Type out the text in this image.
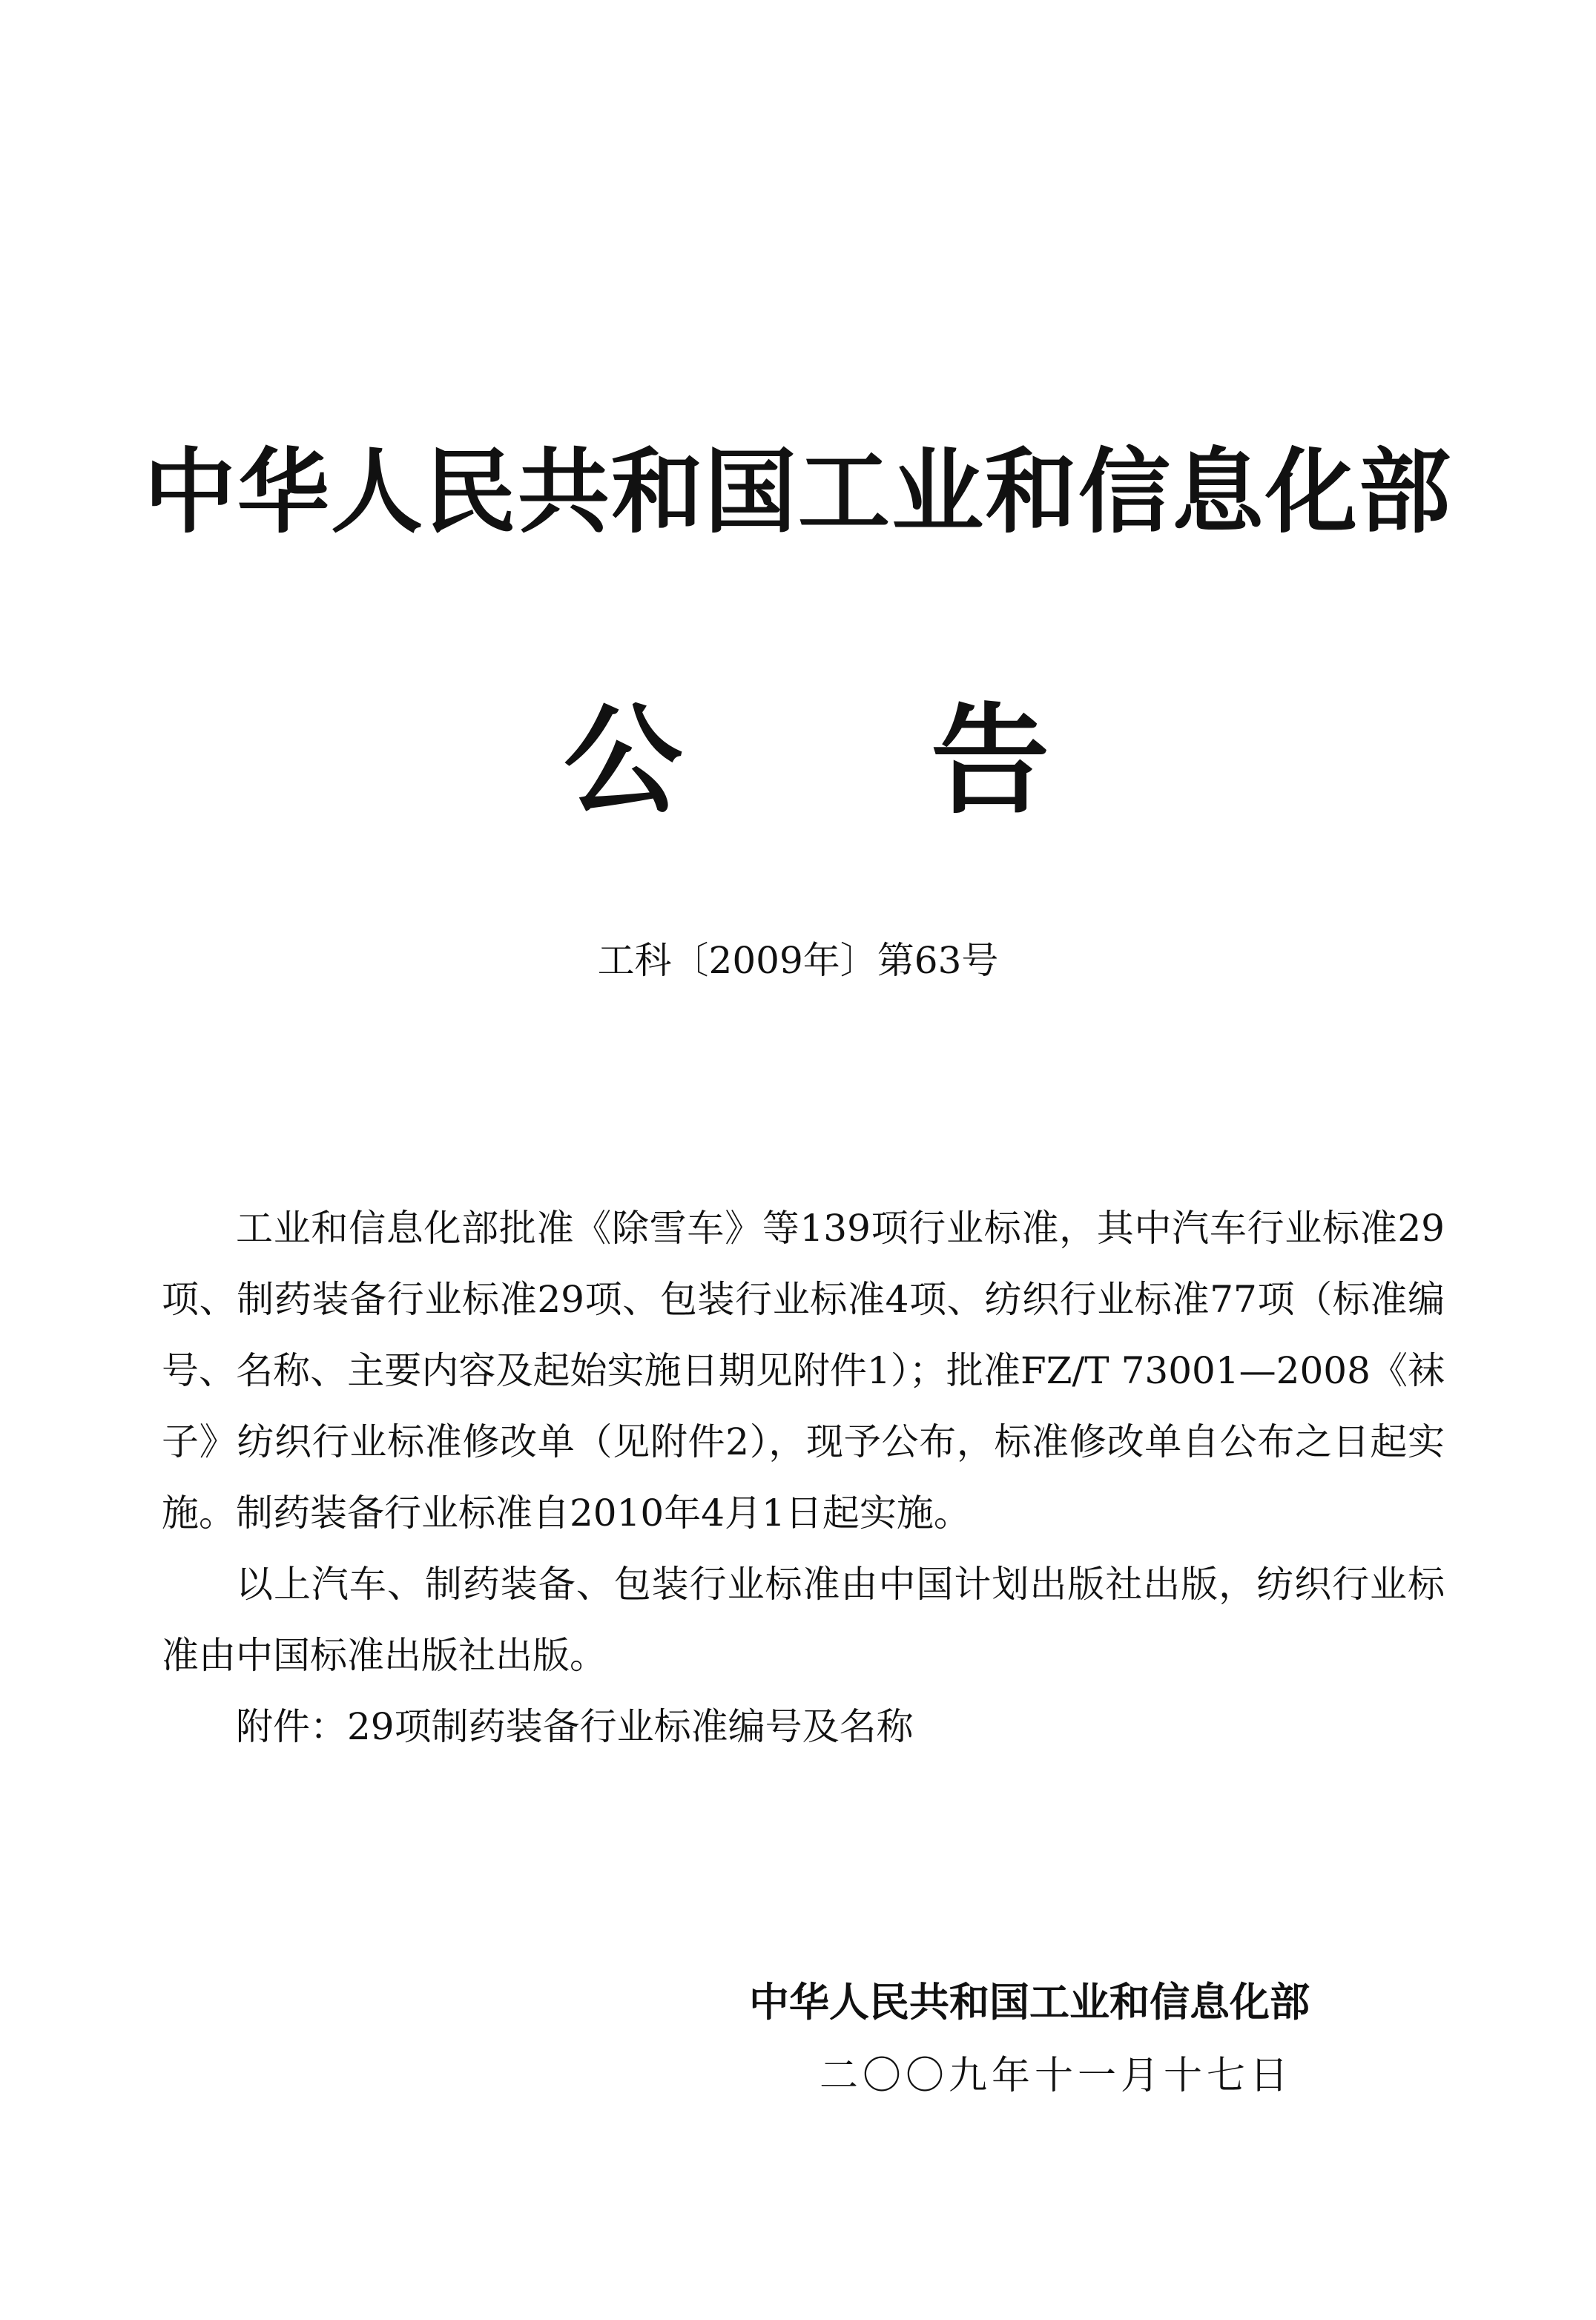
中华人民共和国工业和信息化部
公 告
工科〔2009年〕第63号

工业和信息化部批准《除雪车》等139项行业标准，其中汽车行业标准29项、制药装备行业标准29项、包装行业标准4项、纺织行业标准77项（标准编号、名称、主要内容及起始实施日期见附件1）；批准FZ/T 73001—2008《袜子》纺织行业标准修改单（见附件2），现予公布，标准修改单自公布之日起实施。制药装备行业标准自2010年4月1日起实施。

以上汽车、制药装备、包装行业标准由中国计划出版社出版，纺织行业标准由中国标准出版社出版。

附件：29项制药装备行业标准编号及名称

中华人民共和国工业和信息化部
二〇〇九年十一月十七日
